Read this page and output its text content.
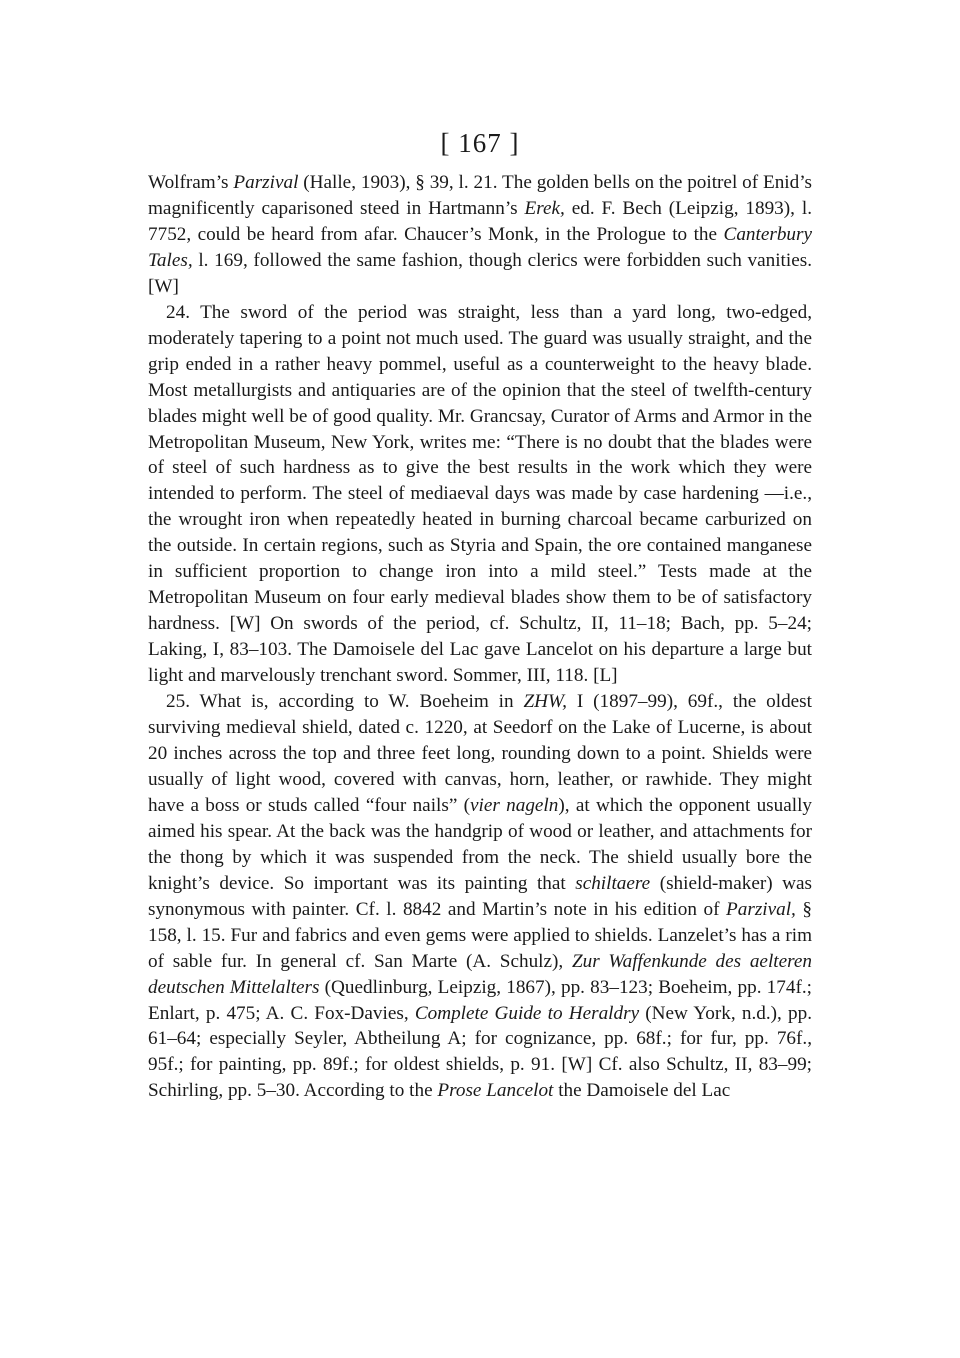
[ 167 ]

Wolfram’s Parzival (Halle, 1903), § 39, l. 21. The golden bells on the poitrel of Enid’s magnificently caparisoned steed in Hartmann’s Erek, ed. F. Bech (Leipzig, 1893), l. 7752, could be heard from afar. Chaucer’s Monk, in the Prologue to the Canterbury Tales, l. 169, followed the same fashion, though clerics were forbidden such vanities. [W]

24. The sword of the period was straight, less than a yard long, two-edged, moderately tapering to a point not much used. The guard was usually straight, and the grip ended in a rather heavy pommel, useful as a counterweight to the heavy blade. Most metallurgists and antiquaries are of the opinion that the steel of twelfth-century blades might well be of good quality. Mr. Grancsay, Curator of Arms and Armor in the Metropolitan Museum, New York, writes me: “There is no doubt that the blades were of steel of such hardness as to give the best results in the work which they were intended to perform. The steel of mediaeval days was made by case hardening —i.e., the wrought iron when repeatedly heated in burning charcoal became carburized on the outside. In certain regions, such as Styria and Spain, the ore contained manganese in sufficient proportion to change iron into a mild steel.” Tests made at the Metropolitan Museum on four early medieval blades show them to be of satisfactory hardness. [W] On swords of the period, cf. Schultz, II, 11–18; Bach, pp. 5–24; Laking, I, 83–103. The Damoisele del Lac gave Lancelot on his departure a large but light and marvelously trenchant sword. Sommer, III, 118. [L]

25. What is, according to W. Boeheim in ZHW, I (1897–99), 69f., the oldest surviving medieval shield, dated c. 1220, at Seedorf on the Lake of Lucerne, is about 20 inches across the top and three feet long, rounding down to a point. Shields were usually of light wood, covered with canvas, horn, leather, or rawhide. They might have a boss or studs called “four nails” (vier nageln), at which the opponent usually aimed his spear. At the back was the handgrip of wood or leather, and attachments for the thong by which it was suspended from the neck. The shield usually bore the knight’s device. So important was its painting that schiltaere (shield-maker) was synonymous with painter. Cf. l. 8842 and Martin’s note in his edition of Parzival, § 158, l. 15. Fur and fabrics and even gems were applied to shields. Lanzelet’s has a rim of sable fur. In general cf. San Marte (A. Schulz), Zur Waffenkunde des aelteren deutschen Mittelalters (Quedlinburg, Leipzig, 1867), pp. 83–123; Boeheim, pp. 174f.; Enlart, p. 475; A. C. Fox-Davies, Complete Guide to Heraldry (New York, n.d.), pp. 61–64; especially Seyler, Abtheilung A; for cognizance, pp. 68f.; for fur, pp. 76f., 95f.; for painting, pp. 89f.; for oldest shields, p. 91. [W] Cf. also Schultz, II, 83–99; Schirling, pp. 5–30. According to the Prose Lancelot the Damoisele del Lac
